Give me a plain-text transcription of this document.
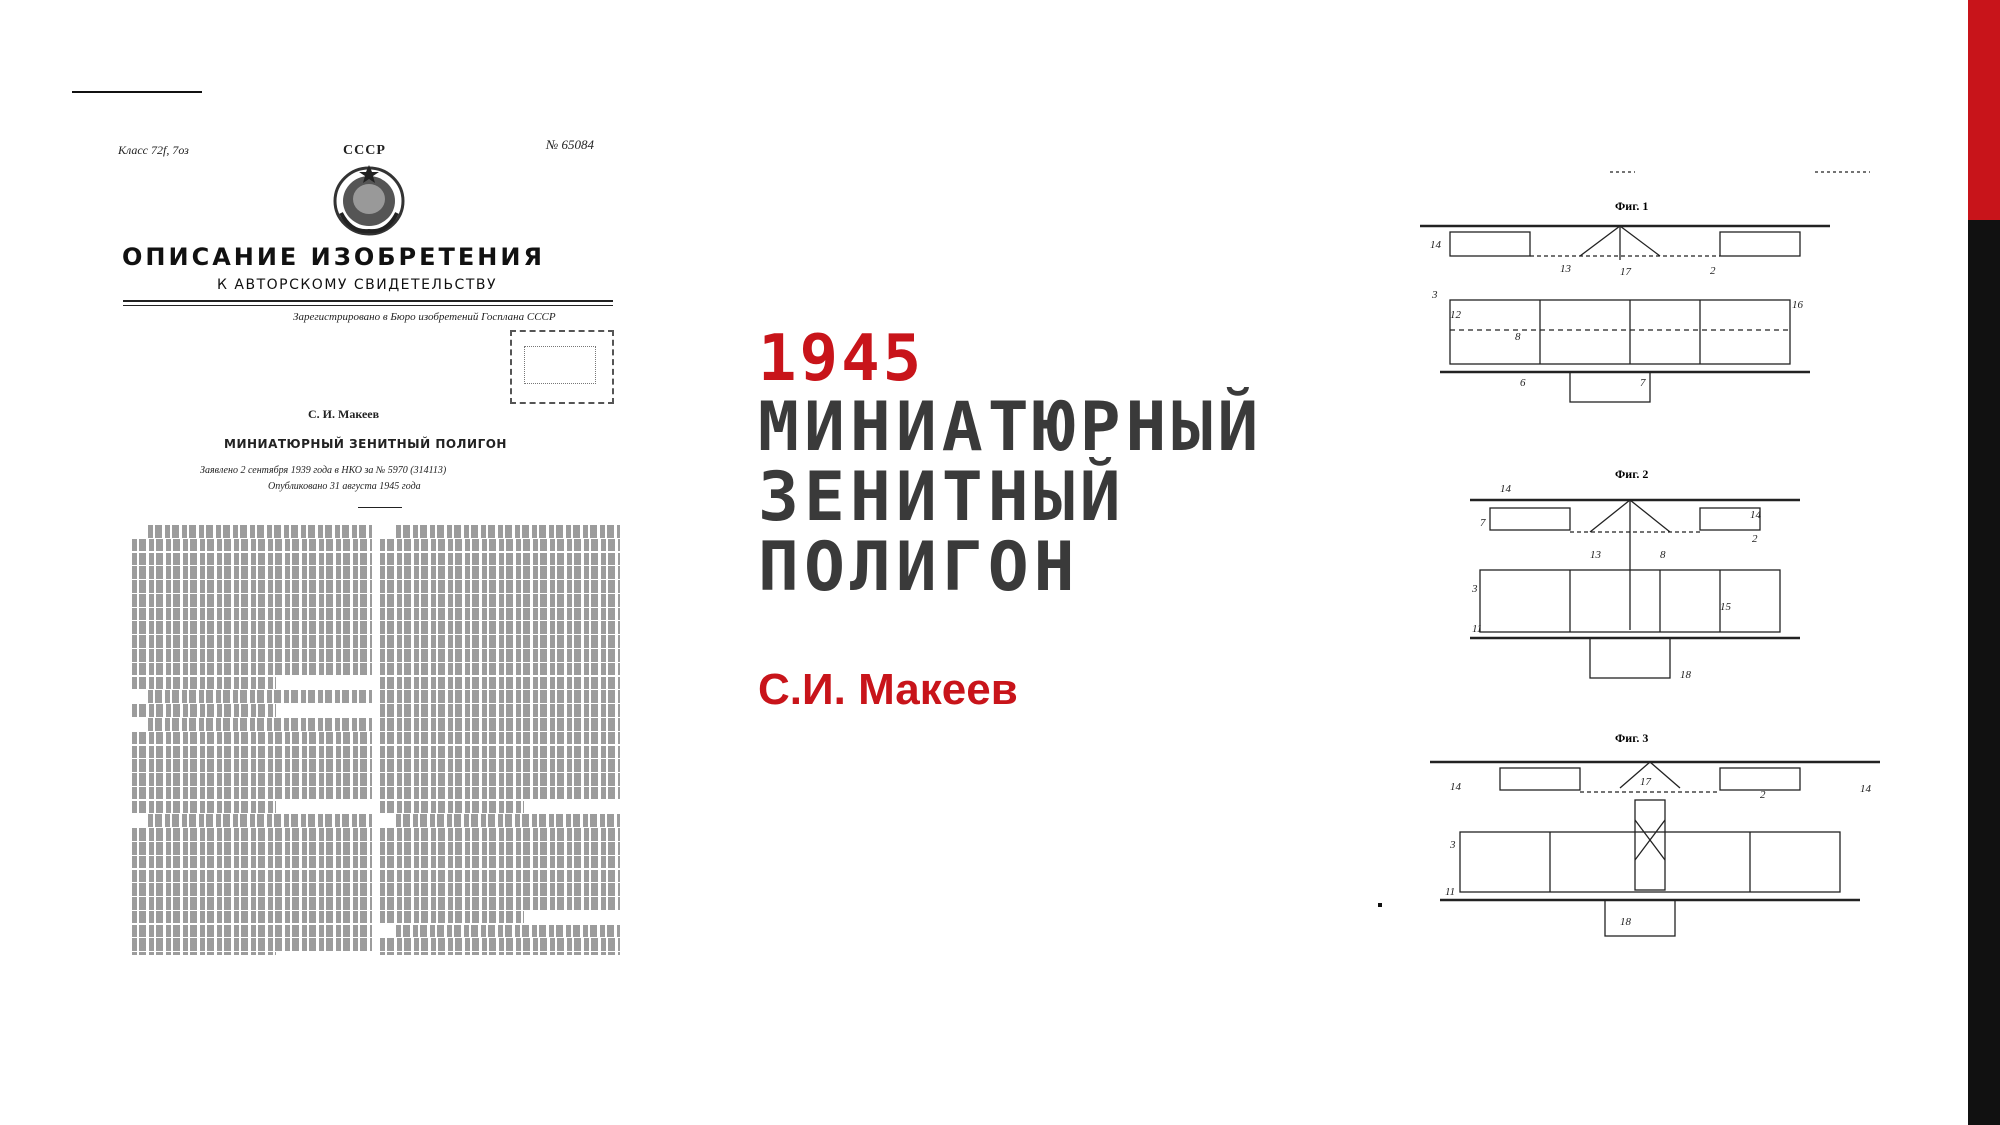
Класс 72f, 7оз	СССР	№ 65084
ОПИСАНИЕ ИЗОБРЕТЕНИЯ
К АВТОРСКОМУ СВИДЕТЕЛЬСТВУ
Зарегистрировано в Бюро изобретений Госплана СССР
С. И. Макеев
МИНИАТЮРНЫЙ ЗЕНИТНЫЙ ПОЛИГОН
Заявлено 2 сентября 1939 года в НКО за № 5970 (314113)
Опубликовано 31 августа 1945 года
1945
МИНИАТЮРНЫЙ
ЗЕНИТНЫЙ
ПОЛИГОН
С.И. Макеев
14
13	17	2
3
12
8
16
7
6
14
7
14
2
13	8
3
15
11
18
14	17
2	14
3
11
18
Фиг. 1
Фиг. 2
Фиг. 3
